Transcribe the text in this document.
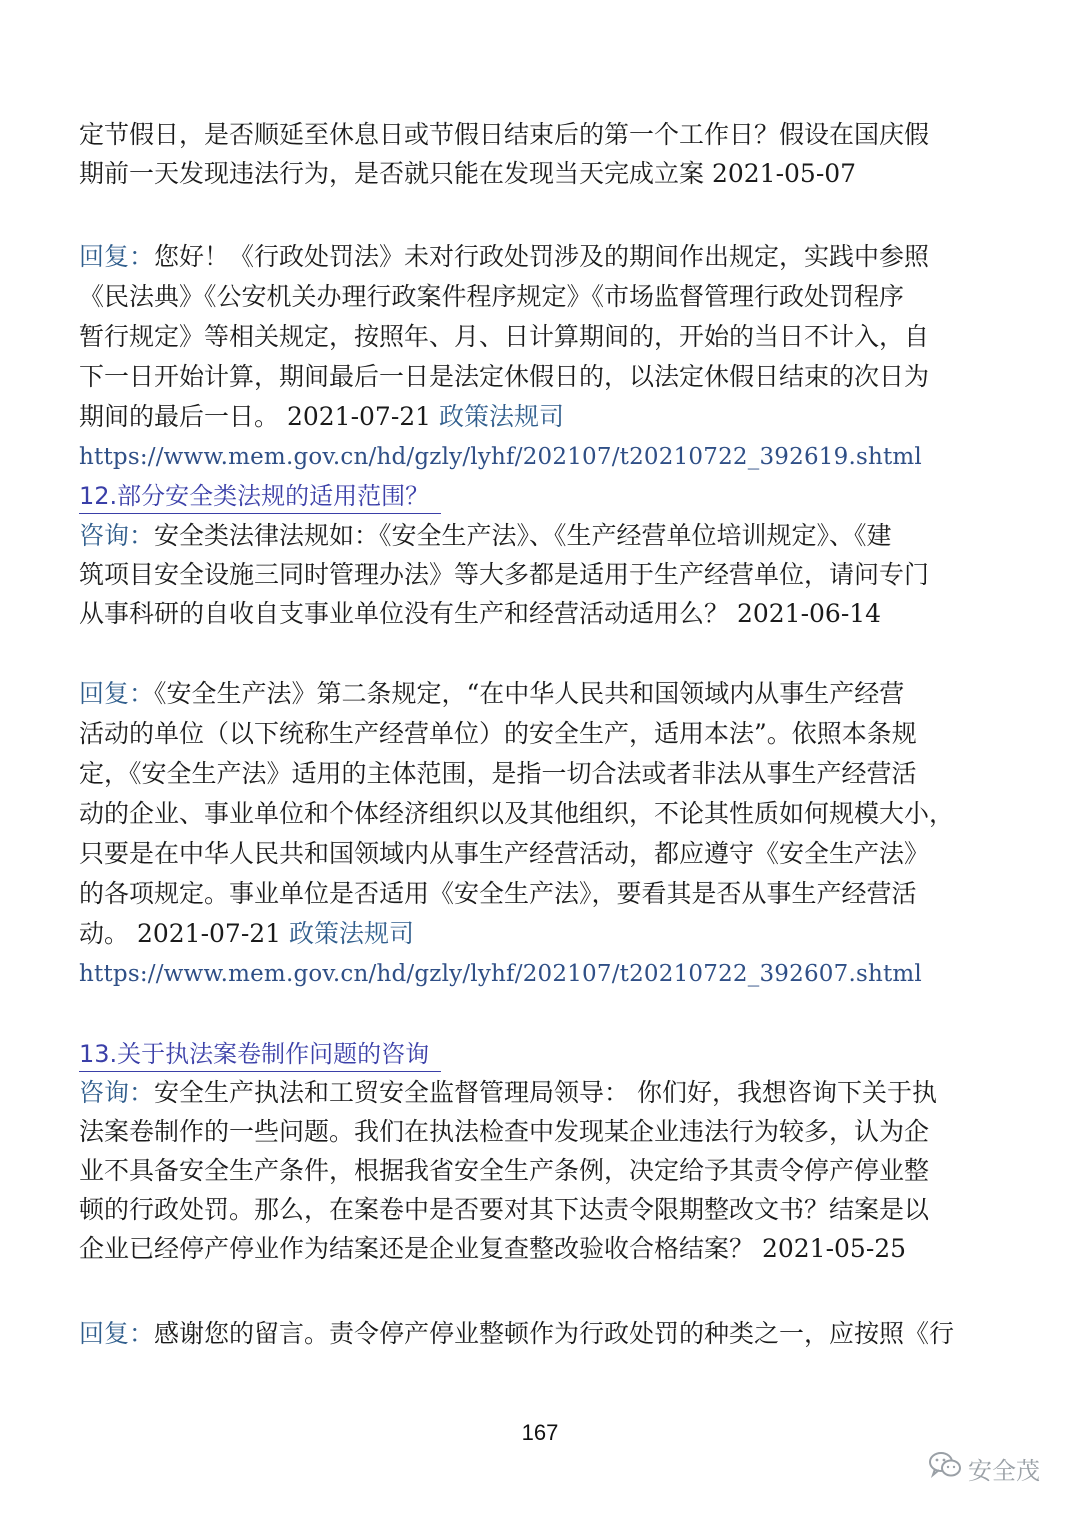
定节假日，是否顺延至休息日或节假日结束后的第一个工作日？假设在国庆假
期前一天发现违法行为，是否就只能在发现当天完成立案 2021-05-07
回复：您好！《行政处罚法》未对行政处罚涉及的期间作出规定，实践中参照
《民法典》《公安机关办理行政案件程序规定》《市场监督管理行政处罚程序
暂行规定》等相关规定，按照年、月、日计算期间的，开始的当日不计入，自
下一日开始计算，期间最后一日是法定休假日的，以法定休假日结束的次日为
期间的最后一日。 2021-07-21 政策法规司
https://www.mem.gov.cn/hd/gzly/lyhf/202107/t20210722_392619.shtml
12.部分安全类法规的适用范围？
咨询：安全类法律法规如：《安全生产法》、《生产经营单位培训规定》、《建
筑项目安全设施三同时管理办法》等大多都是适用于生产经营单位，请问专门
从事科研的自收自支事业单位没有生产和经营活动适用么？ 2021-06-14
回复：《安全生产法》第二条规定，“在中华人民共和国领域内从事生产经营
活动的单位（以下统称生产经营单位）的安全生产，适用本法”。依照本条规
定，《安全生产法》适用的主体范围，是指一切合法或者非法从事生产经营活
动的企业、事业单位和个体经济组织以及其他组织，不论其性质如何规模大小，
只要是在中华人民共和国领域内从事生产经营活动，都应遵守《安全生产法》
的各项规定。事业单位是否适用《安全生产法》，要看其是否从事生产经营活
动。 2021-07-21 政策法规司
https://www.mem.gov.cn/hd/gzly/lyhf/202107/t20210722_392607.shtml
13.关于执法案卷制作问题的咨询
咨询：安全生产执法和工贸安全监督管理局领导： 你们好，我想咨询下关于执
法案卷制作的一些问题。我们在执法检查中发现某企业违法行为较多，认为企
业不具备安全生产条件，根据我省安全生产条例，决定给予其责令停产停业整
顿的行政处罚。那么，在案卷中是否要对其下达责令限期整改文书？结案是以
企业已经停产停业作为结案还是企业复查整改验收合格结案？ 2021-05-25
回复：感谢您的留言。责令停产停业整顿作为行政处罚的种类之一，应按照《行
167
安全茂
